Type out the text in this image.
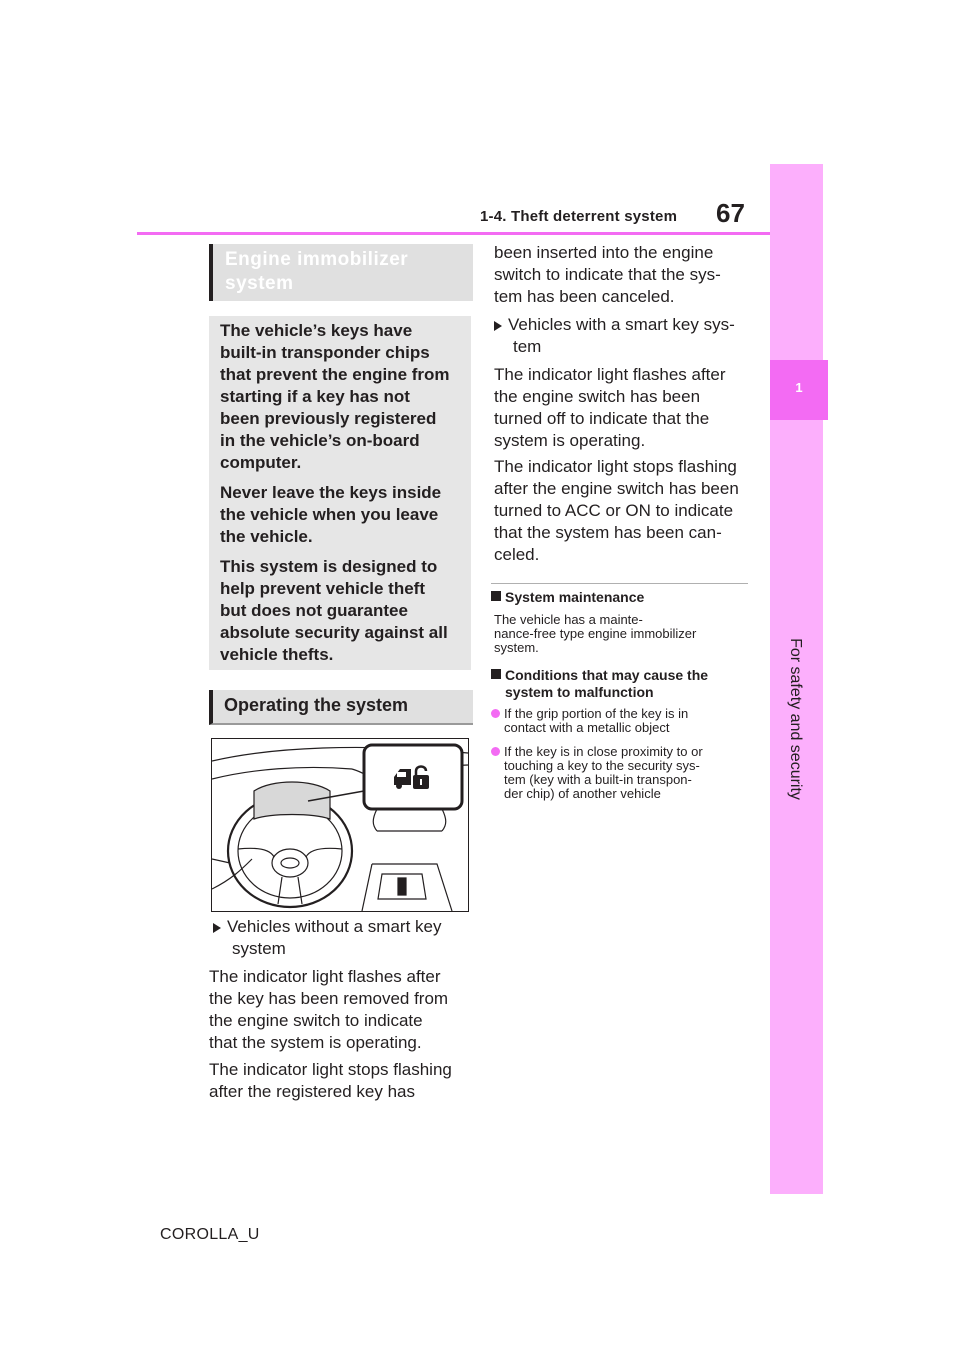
1-4. Theft deterrent system 67
1
For safety and security
Engine immobilizer
system
The vehicle’s keys have
built-in transponder chips
that prevent the engine from
starting if a key has not
been previously registered
in the vehicle’s on-board
computer.
Never leave the keys inside
the vehicle when you leave
the vehicle.
This system is designed to
help prevent vehicle theft
but does not guarantee
absolute security against all
vehicle thefts.
Operating the system
Vehicles without a smart key
system
The indicator light flashes after
the key has been removed from
the engine switch to indicate
that the system is operating.
The indicator light stops flashing
after the registered key has
been inserted into the engine
switch to indicate that the sys-
tem has been canceled.
Vehicles with a smart key sys-
tem
The indicator light flashes after
the engine switch has been
turned off to indicate that the
system is operating.
The indicator light stops flashing
after the engine switch has been
turned to ACC or ON to indicate
that the system has been can-
celed.
System maintenance
The vehicle has a mainte-
nance-free type engine immobilizer
system.
Conditions that may cause the
system to malfunction
If the grip portion of the key is in
contact with a metallic object
If the key is in close proximity to or
touching a key to the security sys-
tem (key with a built-in transpon-
der chip) of another vehicle
COROLLA_U
